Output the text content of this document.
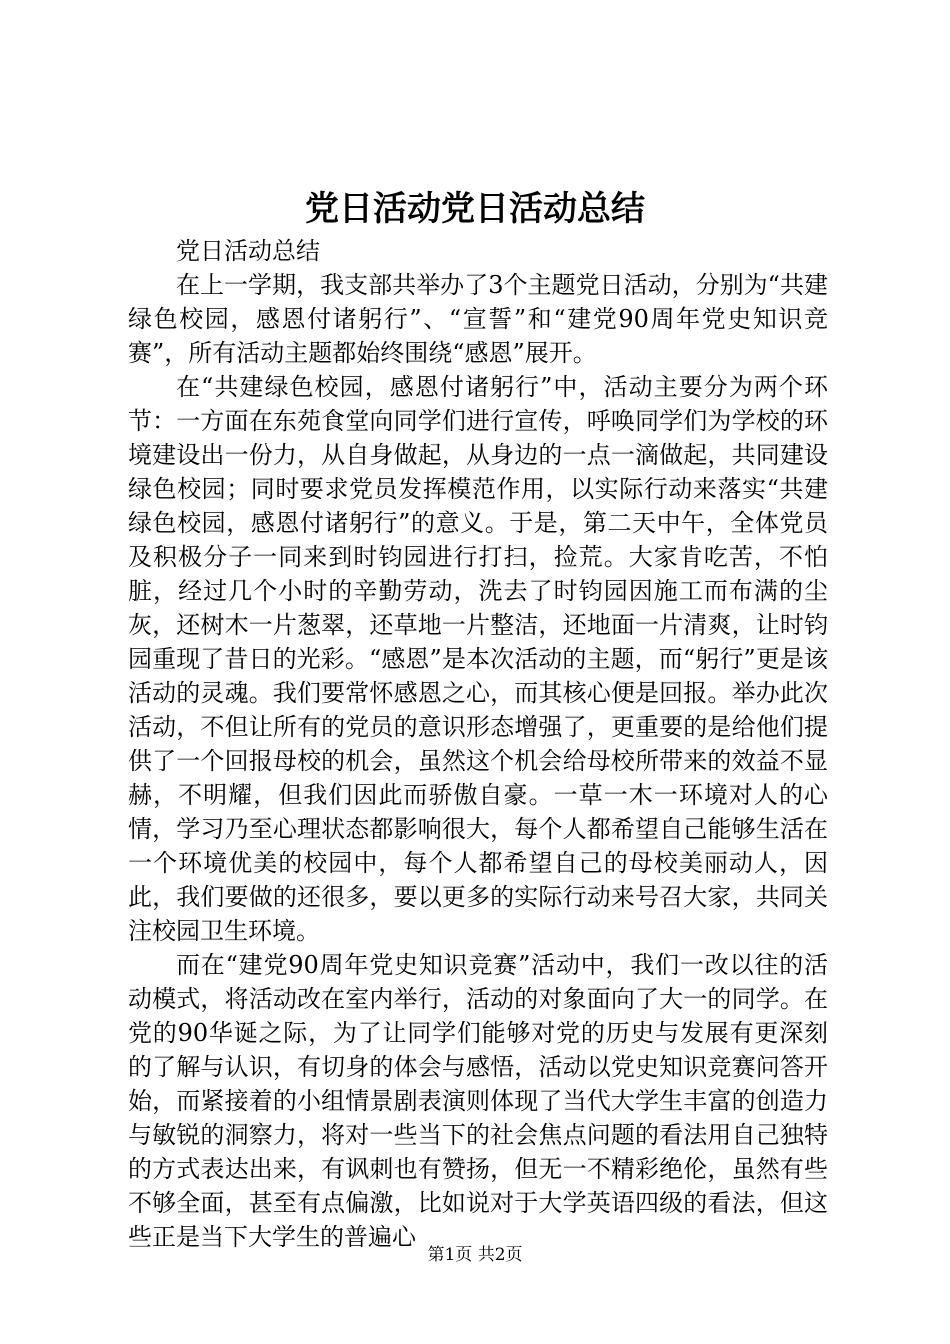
党日活动党日活动总结

党日活动总结

在上一学期，我支部共举办了3个主题党日活动，分别为“共建绿色校园，感恩付诸躬行”、“宣誓”和“建党90周年党史知识竞赛”，所有活动主题都始终围绕“感恩”展开。

在“共建绿色校园，感恩付诸躬行”中，活动主要分为两个环节：一方面在东苑食堂向同学们进行宣传，呼唤同学们为学校的环境建设出一份力，从自身做起，从身边的一点一滴做起，共同建设绿色校园；同时要求党员发挥模范作用，以实际行动来落实“共建绿色校园，感恩付诸躬行”的意义。于是，第二天中午，全体党员及积极分子一同来到时钧园进行打扫，捡荒。大家肯吃苦，不怕脏，经过几个小时的辛勤劳动，洗去了时钧园因施工而布满的尘灰，还树木一片葱翠，还草地一片整洁，还地面一片清爽，让时钧园重现了昔日的光彩。“感恩”是本次活动的主题，而“躬行”更是该活动的灵魂。我们要常怀感恩之心，而其核心便是回报。举办此次活动，不但让所有的党员的意识形态增强了，更重要的是给他们提供了一个回报母校的机会，虽然这个机会给母校所带来的效益不显赫，不明耀，但我们因此而骄傲自豪。一草一木一环境对人的心情，学习乃至心理状态都影响很大，每个人都希望自己能够生活在一个环境优美的校园中，每个人都希望自己的母校美丽动人，因此，我们要做的还很多，要以更多的实际行动来号召大家，共同关注校园卫生环境。

而在“建党90周年党史知识竞赛”活动中，我们一改以往的活动模式，将活动改在室内举行，活动的对象面向了大一的同学。在党的90华诞之际，为了让同学们能够对党的历史与发展有更深刻的了解与认识，有切身的体会与感悟，活动以党史知识竞赛问答开始，而紧接着的小组情景剧表演则体现了当代大学生丰富的创造力与敏锐的洞察力，将对一些当下的社会焦点问题的看法用自己独特的方式表达出来，有讽刺也有赞扬，但无一不精彩绝伦，虽然有些不够全面，甚至有点偏激，比如说对于大学英语四级的看法，但这些正是当下大学生的普遍心

第1页 共2页
